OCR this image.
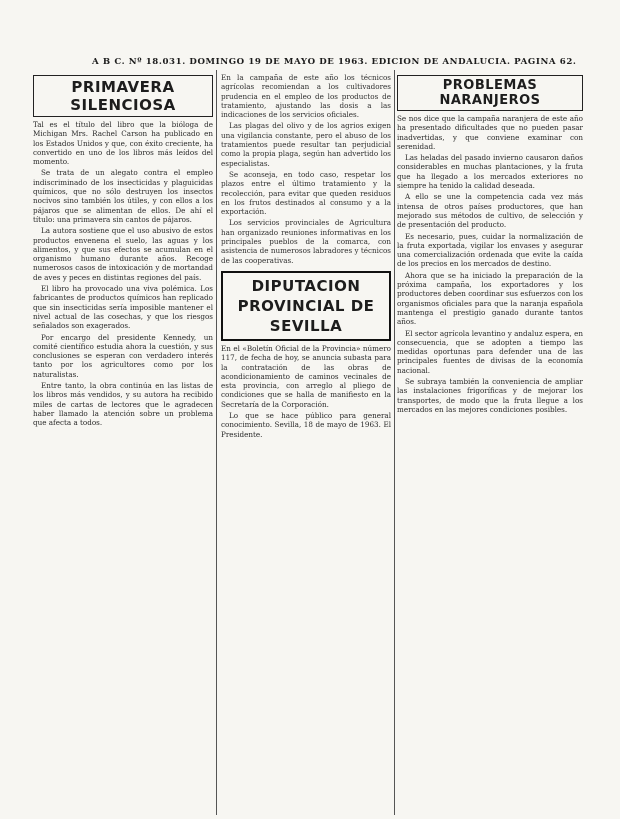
A B C. Nº 18.031. DOMINGO 19 DE MAYO DE 1963. EDICION DE ANDALUCIA. PAGINA 62.
PRIMAVERA SILENCIOSA

Tal es el título del libro que la bióloga de Michigan Mrs. Rachel Carson ha publicado en los Estados Unidos y que, con éxito creciente, ha convertido en uno de los libros más leídos del momento.

Se trata de un alegato contra el empleo indiscriminado de los insecticidas y plaguicidas químicos, que no sólo destruyen los insectos nocivos sino también los útiles, y con ellos a los pájaros que se alimentan de ellos. De ahí el título: una primavera sin cantos de pájaros.

La autora sostiene que el uso abusivo de estos productos envenena el suelo, las aguas y los alimentos, y que sus efectos se acumulan en el organismo humano durante años. Recoge numerosos casos de intoxicación y de mortandad de aves y peces en distintas regiones del país.

El libro ha provocado una viva polémica. Los fabricantes de productos químicos han replicado que sin insecticidas sería imposible mantener el nivel actual de las cosechas, y que los riesgos señalados son exagerados.

Por encargo del presidente Kennedy, un comité científico estudia ahora la cuestión, y sus conclusiones se esperan con verdadero interés tanto por los agricultores como por los naturalistas.

Entre tanto, la obra continúa en las listas de los libros más vendidos, y su autora ha recibido miles de cartas de lectores que le agradecen haber llamado la atención sobre un problema que afecta a todos.

En la campaña de este año los técnicos agrícolas recomiendan a los cultivadores prudencia en el empleo de los productos de tratamiento, ajustando las dosis a las indicaciones de los servicios oficiales.

Las plagas del olivo y de los agrios exigen una vigilancia constante, pero el abuso de los tratamientos puede resultar tan perjudicial como la propia plaga, según han advertido los especialistas.

Se aconseja, en todo caso, respetar los plazos entre el último tratamiento y la recolección, para evitar que queden residuos en los frutos destinados al consumo y a la exportación.

Los servicios provinciales de Agricultura han organizado reuniones informativas en los principales pueblos de la comarca, con asistencia de numerosos labradores y técnicos de las cooperativas.

DIPUTACION PROVINCIAL DE SEVILLA

En el «Boletín Oficial de la Provincia» número 117, de fecha de hoy, se anuncia subasta para la contratación de las obras de acondicionamiento de caminos vecinales de esta provincia, con arreglo al pliego de condiciones que se halla de manifiesto en la Secretaría de la Corporación.

Lo que se hace público para general conocimiento. Sevilla, 18 de mayo de 1963. El Presidente.

PROBLEMAS NARANJEROS

Se nos dice que la campaña naranjera de este año ha presentado dificultades que no pueden pasar inadvertidas, y que conviene examinar con serenidad.

Las heladas del pasado invierno causaron daños considerables en muchas plantaciones, y la fruta que ha llegado a los mercados exteriores no siempre ha tenido la calidad deseada.

A ello se une la competencia cada vez más intensa de otros países productores, que han mejorado sus métodos de cultivo, de selección y de presentación del producto.

Es necesario, pues, cuidar la normalización de la fruta exportada, vigilar los envases y asegurar una comercialización ordenada que evite la caída de los precios en los mercados de destino.

Ahora que se ha iniciado la preparación de la próxima campaña, los exportadores y los productores deben coordinar sus esfuerzos con los organismos oficiales para que la naranja española mantenga el prestigio ganado durante tantos años.

El sector agrícola levantino y andaluz espera, en consecuencia, que se adopten a tiempo las medidas oportunas para defender una de las principales fuentes de divisas de la economía nacional.

Se subraya también la conveniencia de ampliar las instalaciones frigoríficas y de mejorar los transportes, de modo que la fruta llegue a los mercados en las mejores condiciones posibles.
